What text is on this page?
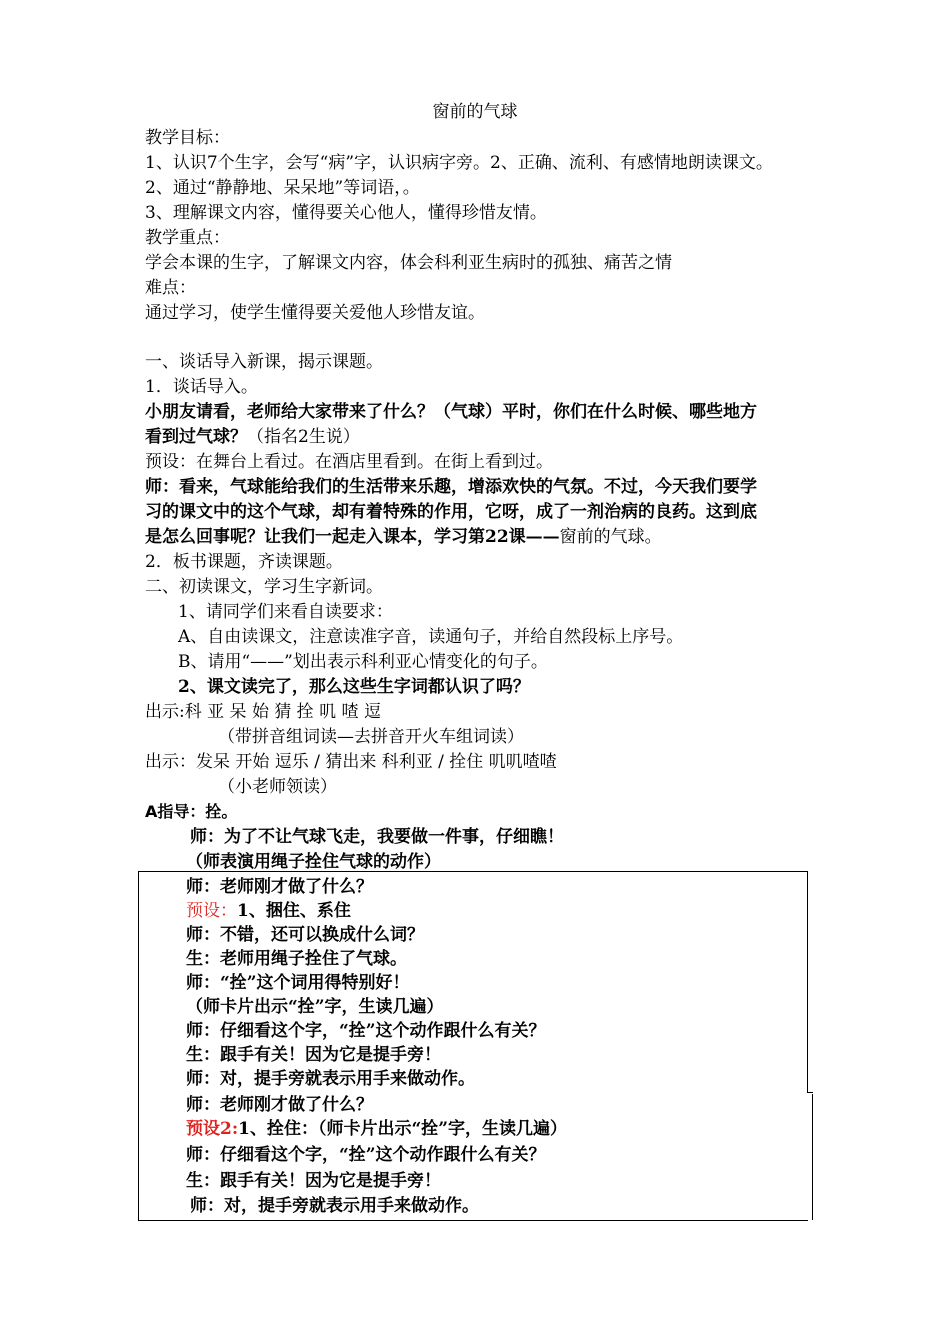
窗前的气球
教学目标：
1、认识7个生字，会写“病”字，认识病字旁。2、正确、流利、有感情地朗读课文。
2、通过“静静地、呆呆地”等词语，。
3、理解课文内容，懂得要关心他人，懂得珍惜友情。
教学重点：
学会本课的生字，了解课文内容，体会科利亚生病时的孤独、痛苦之情
难点：
通过学习，使学生懂得要关爱他人珍惜友谊。
一、谈话导入新课，揭示课题。
1．谈话导入。
小朋友请看，老师给大家带来了什么？（气球）平时，你们在什么时候、哪些地方
看到过气球？（指名2生说）
预设：在舞台上看过。在酒店里看到。在街上看到过。
师：看来，气球能给我们的生活带来乐趣，增添欢快的气氛。不过，今天我们要学
习的课文中的这个气球，却有着特殊的作用，它呀，成了一剂治病的良药。这到底
是怎么回事呢？让我们一起走入课本，学习第22课——窗前的气球。
2．板书课题，齐读课题。
二、初读课文，学习生字新词。
1、请同学们来看自读要求：
A、自由读课文，注意读准字音，读通句子，并给自然段标上序号。
B、请用“——”划出表示科利亚心情变化的句子。
2、课文读完了，那么这些生字词都认识了吗？
出示:科 亚 呆 始 猜 拴 叽 喳 逗
（带拼音组词读—去拼音开火车组词读）
出示：发呆 开始 逗乐 / 猜出来 科利亚 / 拴住 叽叽喳喳
（小老师领读）
A指导：拴。
师：为了不让气球飞走，我要做一件事，仔细瞧！
（师表演用绳子拴住气球的动作）
师：老师刚才做了什么？
预设：1、捆住、系住
师：不错，还可以换成什么词？
生：老师用绳子拴住了气球。
师：“拴”这个词用得特别好！
（师卡片出示“拴”字，生读几遍）
师：仔细看这个字，“拴”这个动作跟什么有关？
生：跟手有关！因为它是提手旁！
师：对，提手旁就表示用手来做动作。
师：老师刚才做了什么？
预设2:1、拴住：（师卡片出示“拴”字，生读几遍）
师：仔细看这个字，“拴”这个动作跟什么有关？
生：跟手有关！因为它是提手旁！
师：对，提手旁就表示用手来做动作。
